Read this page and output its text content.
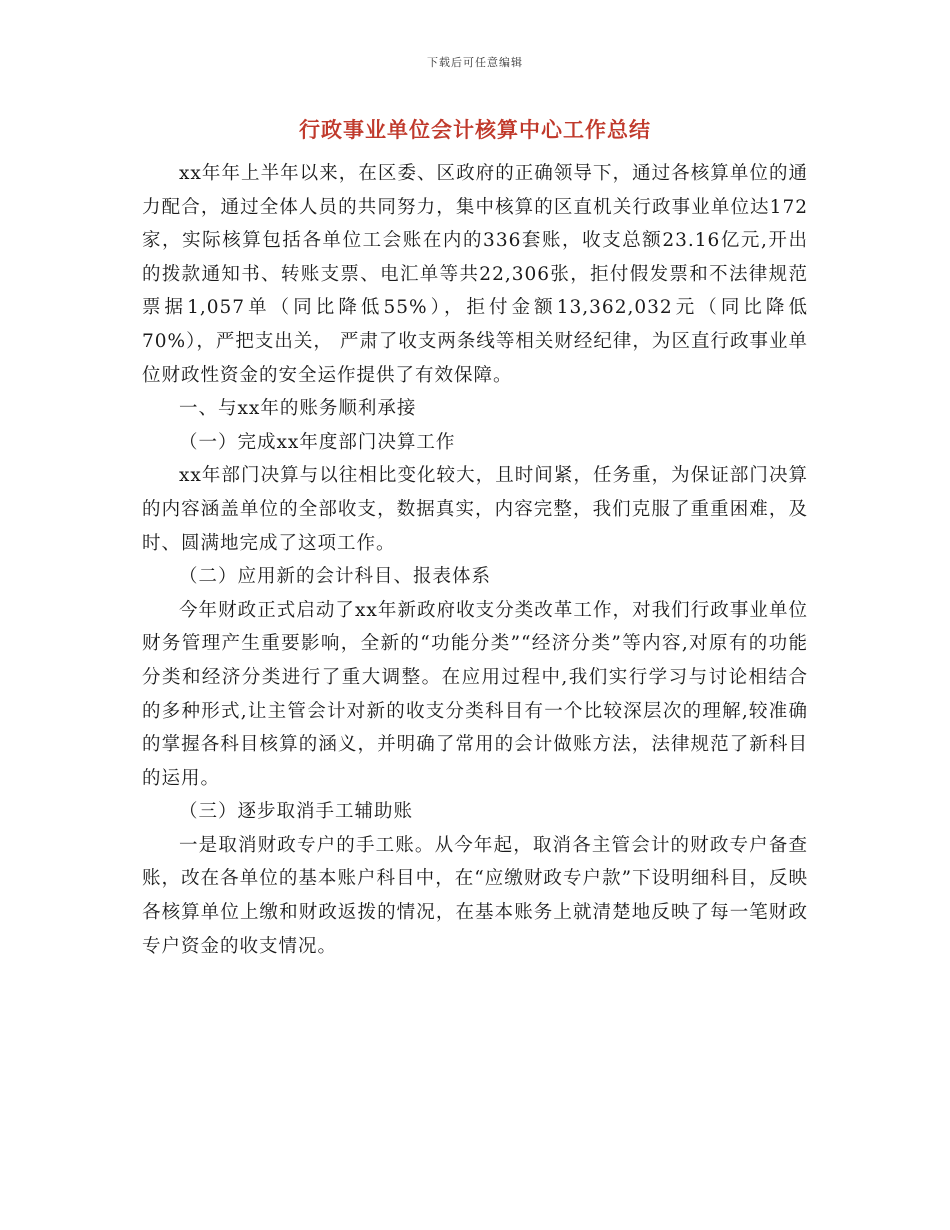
下载后可任意编辑
行政事业单位会计核算中心工作总结

xx年年上半年以来，在区委、区政府的正确领导下，通过各核算单位的通力配合，通过全体人员的共同努力，集中核算的区直机关行政事业单位达172家，实际核算包括各单位工会账在内的336套账，收支总额23.16亿元,开出的拨款通知书、转账支票、电汇单等共22,306张，拒付假发票和不法律规范票据1,057单（同比降低55%），拒付金额13,362,032元（同比降低70%），严把支出关， 严肃了收支两条线等相关财经纪律，为区直行政事业单位财政性资金的安全运作提供了有效保障。

一、与xx年的账务顺利承接

（一）完成xx年度部门决算工作

xx年部门决算与以往相比变化较大，且时间紧，任务重，为保证部门决算的内容涵盖单位的全部收支，数据真实，内容完整，我们克服了重重困难，及时、圆满地完成了这项工作。

（二）应用新的会计科目、报表体系

今年财政正式启动了xx年新政府收支分类改革工作，对我们行政事业单位财务管理产生重要影响，全新的“功能分类”“经济分类”等内容,对原有的功能分类和经济分类进行了重大调整。在应用过程中,我们实行学习与讨论相结合的多种形式,让主管会计对新的收支分类科目有一个比较深层次的理解,较准确的掌握各科目核算的涵义，并明确了常用的会计做账方法，法律规范了新科目的运用。

（三）逐步取消手工辅助账

一是取消财政专户的手工账。从今年起，取消各主管会计的财政专户备查账，改在各单位的基本账户科目中，在“应缴财政专户款”下设明细科目，反映各核算单位上缴和财政返拨的情况，在基本账务上就清楚地反映了每一笔财政专户资金的收支情况。
